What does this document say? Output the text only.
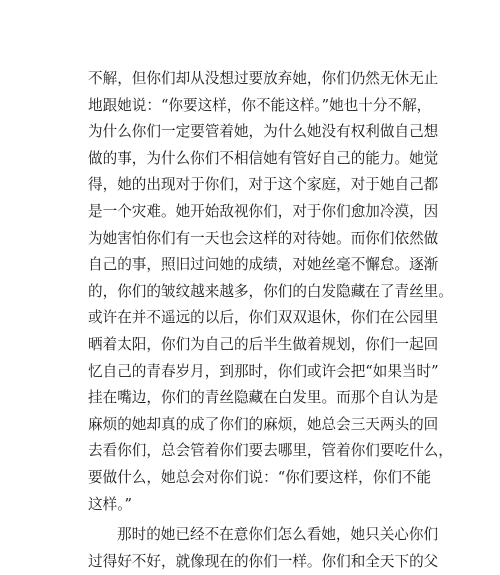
不解，但你们却从没想过要放弃她，你们仍然无休无止
地跟她说：“你要这样，你不能这样。”她也十分不解，
为什么你们一定要管着她，为什么她没有权利做自己想
做的事，为什么你们不相信她有管好自己的能力。她觉
得，她的出现对于你们，对于这个家庭，对于她自己都
是一个灾难。她开始敌视你们，对于你们愈加冷漠，因
为她害怕你们有一天也会这样的对待她。而你们依然做
自己的事，照旧过问她的成绩，对她丝毫不懈怠。逐渐
的，你们的皱纹越来越多，你们的白发隐藏在了青丝里。
或许在并不遥远的以后，你们双双退休，你们在公园里
晒着太阳，你们为自己的后半生做着规划，你们一起回
忆自己的青春岁月，到那时，你们或许会把“如果当时”
挂在嘴边，你们的青丝隐藏在白发里。而那个自认为是
麻烦的她却真的成了你们的麻烦，她总会三天两头的回
去看你们，总会管着你们要去哪里，管着你们要吃什么，
要做什么，她总会对你们说：“你们要这样，你们不能
这样。”
那时的她已经不在意你们怎么看她，她只关心你们
过得好不好，就像现在的你们一样。你们和全天下的父
